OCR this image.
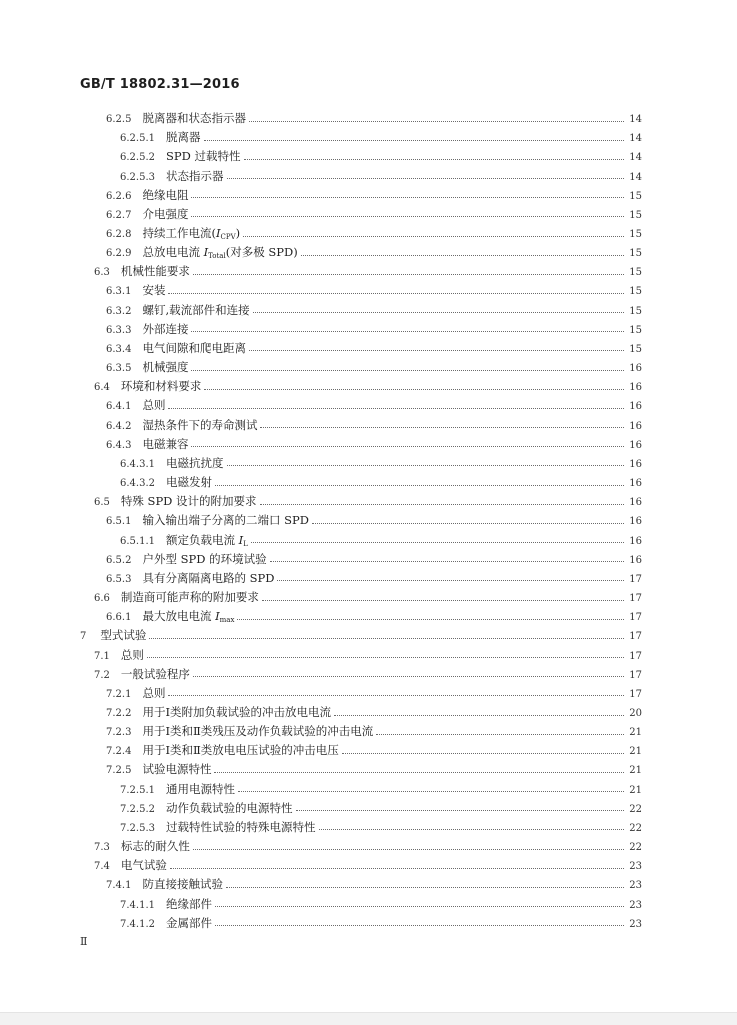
GB/T 18802.31—2016
6.2.5 脱离器和状态指示器	14
6.2.5.1 脱离器	14
6.2.5.2 SPD 过载特性	14
6.2.5.3 状态指示器	14
6.2.6 绝缘电阻	15
6.2.7 介电强度	15
6.2.8 持续工作电流$(I_{CPV})$	15
6.2.9 总放电电流 $I_{Total}$(对多极 SPD)	15
6.3 机械性能要求	15
6.3.1 安装	15
6.3.2 螺钉,载流部件和连接	15
6.3.3 外部连接	15
6.3.4 电气间隙和爬电距离	15
6.3.5 机械强度	16
6.4 环境和材料要求	16
6.4.1 总则	16
6.4.2 湿热条件下的寿命测试	16
6.4.3 电磁兼容	16
6.4.3.1 电磁抗扰度	16
6.4.3.2 电磁发射	16
6.5 特殊 SPD 设计的附加要求	16
6.5.1 输入输出端子分离的二端口 SPD	16
6.5.1.1 额定负载电流 $I_L$	16
6.5.2 户外型 SPD 的环境试验	16
6.5.3 具有分离隔离电路的 SPD	17
6.6 制造商可能声称的附加要求	17
6.6.1 最大放电电流 $I_{max}$	17
7 型式试验	17
7.1 总则	17
7.2 一般试验程序	17
7.2.1 总则	17
7.2.2 用于Ⅰ类附加负载试验的冲击放电电流	20
7.2.3 用于Ⅰ类和Ⅱ类残压及动作负载试验的冲击电流	21
7.2.4 用于Ⅰ类和Ⅱ类放电电压试验的冲击电压	21
7.2.5 试验电源特性	21
7.2.5.1 通用电源特性	21
7.2.5.2 动作负载试验的电源特性	22
7.2.5.3 过载特性试验的特殊电源特性	22
7.3 标志的耐久性	22
7.4 电气试验	23
7.4.1 防直接接触试验	23
7.4.1.1 绝缘部件	23
7.4.1.2 金属部件	23
Ⅱ
